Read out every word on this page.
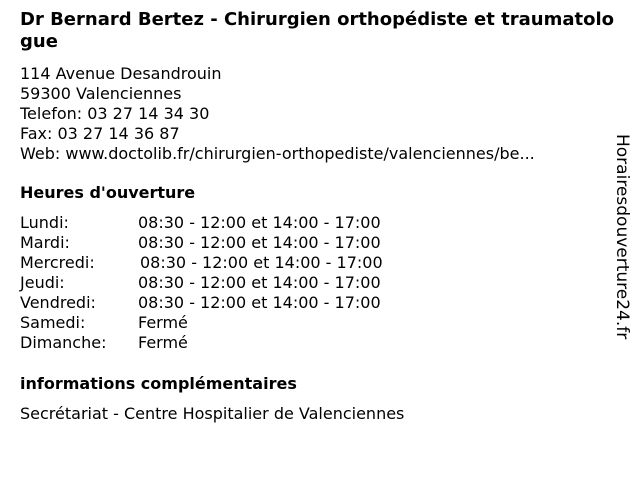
Dr Bernard Bertez - Chirurgien orthopédiste et traumatologue
114 Avenue Desandrouin
59300 Valenciennes
Telefon: 03 27 14 34 30
Fax: 03 27 14 36 87
Web: www.doctolib.fr/chirurgien-orthopediste/valenciennes/be...
Heures d'ouverture
Lundi:	08:30 - 12:00 et 14:00 - 17:00
Mardi:	08:30 - 12:00 et 14:00 - 17:00
Mercredi:	08:30 - 12:00 et 14:00 - 17:00
Jeudi:	08:30 - 12:00 et 14:00 - 17:00
Vendredi:	08:30 - 12:00 et 14:00 - 17:00
Samedi:	Fermé
Dimanche: Fermé
informations complémentaires
Secrétariat - Centre Hospitalier de Valenciennes
Horairesdouverture24.fr
